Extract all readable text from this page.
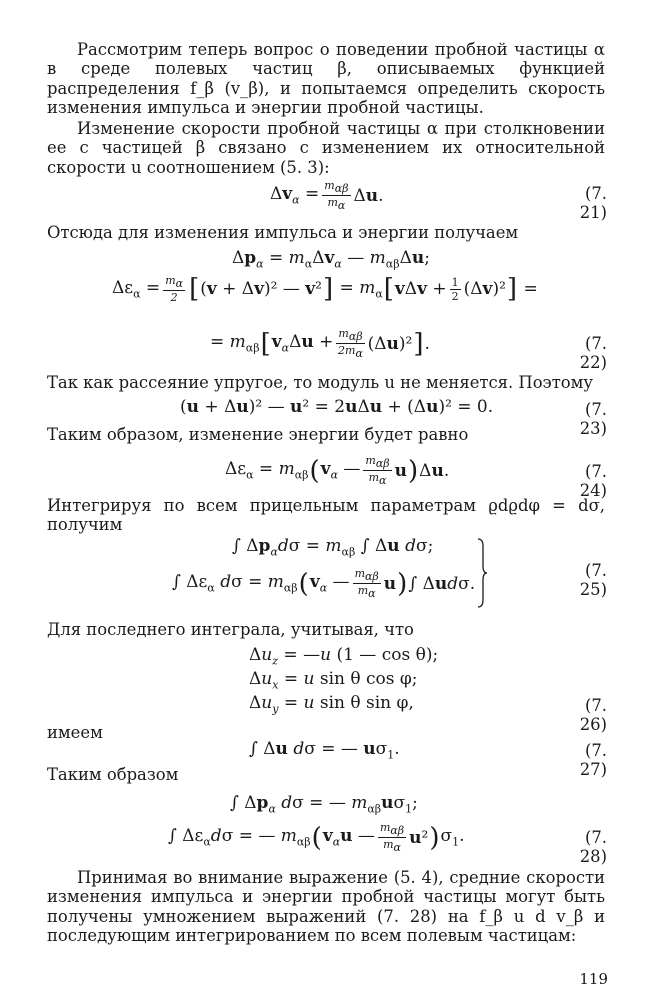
Рассмотрим теперь вопрос о поведении пробной частицы α в среде полевых частиц β, описываемых функцией распределения f_β (v_β), и попытаемся определить скорость изменения импульса и энергии пробной частицы.

Изменение скорости пробной частицы α при столкновении ее с частицей β связано с изменением их относительной скорости u соотношением (5. 3):

$\Delta v_\alpha = m_{\alpha\beta}$
$m_\alpha$
Δu.	(7. 21)

Отсюда для изменения импульса и энергии получаем

$\Delta p_\alpha = m_\alpha\Delta v_\alpha$ — $m_{\alpha\beta}\Delta u$;
$\Delta\varepsilon_\alpha = \frac{m_\alpha}{2}$ [ (v + Δv)² — v² ] = $m_\alpha$ [ $v\Delta v + \frac{1}{2} (\Delta v)^2$ ] =
= $m_{\alpha\beta}$ [ $v_\alpha\Delta u + m_{\alpha\beta}$
$2m_\alpha$
(Δu)² ] .	(7. 22)

Так как рассеяние упругое, то модуль u не меняется. Поэтому

(u + Δu)² — u² = 2uΔu + (Δu)² = 0.	(7. 23)

Таким образом, изменение энергии будет равно

$\Delta\varepsilon_\alpha = m_{\alpha\beta}$ ( $v_\alpha$ — $m_{\alpha\beta}$
$m_\alpha$
u ) Δu.	(7. 24)

Интегрируя по всем прицельным параметрам ϱdϱdφ = dσ, получим

∫ $\Delta p_\alpha d\sigma = m_{\alpha\beta}$ ∫ Δu dσ;
∫ $\Delta\varepsilon_\alpha$ $d\sigma = m_{\alpha\beta}$ ( $v_\alpha$ — $m_{\alpha\beta}$
$m_\alpha$
u ) ∫ Δudσ.
(7. 25)

Для последнего интеграла, учитывая, что

$\Delta u_z$ = —u (1 — cos θ);
$\Delta u_x = u$ sin θ cos φ;
$\Delta u_y = u$ sin θ sin φ,	(7. 26)

имеем

∫ Δu dσ = — $u\sigma_1$.	(7. 27)

Таким образом

∫ $\Delta p_\alpha$ dσ = — $m_{\alpha\beta}u\sigma_1$;
∫ $\Delta\varepsilon_\alpha d\sigma$ = — $m_{\alpha\beta}$ ( $v_\alpha u$ — $m_{\alpha\beta}$
$m_\alpha$
u² ) $\sigma_1$.	(7. 28)

Принимая во внимание выражение (5. 4), средние скорости изменения импульса и энергии пробной частицы могут быть получены умножением выражений (7. 28) на f_β u d v_β и последующим интегрированием по всем полевым частицам:

119
